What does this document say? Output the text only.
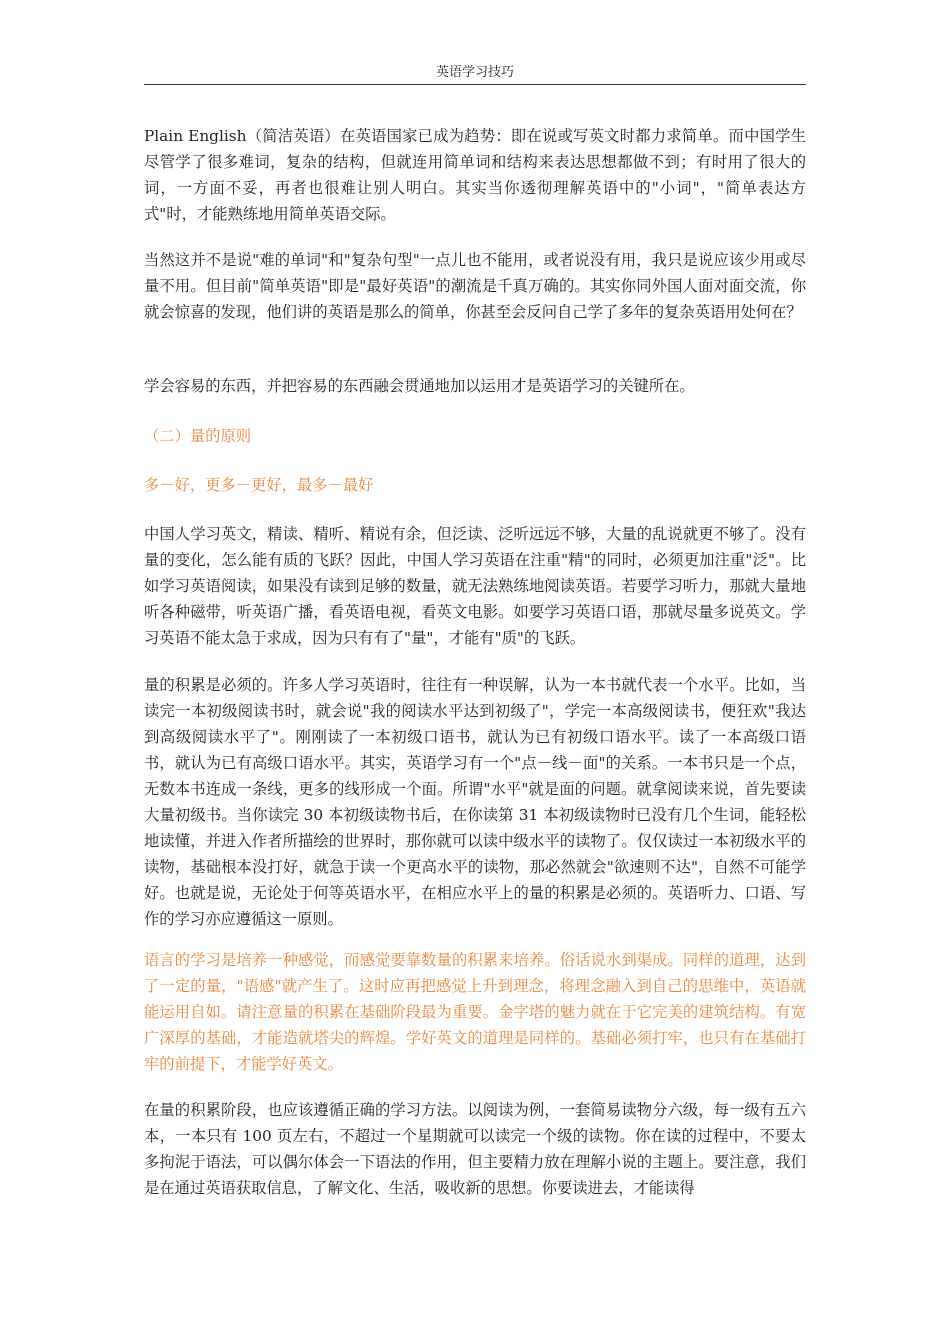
英语学习技巧

Plain English（简洁英语）在英语国家已成为趋势：即在说或写英文时都力求简单。而中国学生尽管学了很多难词，复杂的结构，但就连用简单词和结构来表达思想都做不到；有时用了很大的词，一方面不妥，再者也很难让别人明白。其实当你透彻理解英语中的"小词"，"简单表达方式"时，才能熟练地用简单英语交际。

当然这并不是说"难的单词"和"复杂句型"一点儿也不能用，或者说没有用，我只是说应该少用或尽量不用。但目前"简单英语"即是"最好英语"的潮流是千真万确的。其实你同外国人面对面交流，你就会惊喜的发现，他们讲的英语是那么的简单，你甚至会反问自己学了多年的复杂英语用处何在？

学会容易的东西，并把容易的东西融会贯通地加以运用才是英语学习的关键所在。

（二）量的原则

多－好，更多－更好，最多－最好

中国人学习英文，精读、精听、精说有余，但泛读、泛听远远不够，大量的乱说就更不够了。没有量的变化，怎么能有质的飞跃？因此，中国人学习英语在注重"精"的同时，必须更加注重"泛"。比如学习英语阅读，如果没有读到足够的数量，就无法熟练地阅读英语。若要学习听力，那就大量地听各种磁带，听英语广播，看英语电视，看英文电影。如要学习英语口语，那就尽量多说英文。学习英语不能太急于求成，因为只有有了"量"，才能有"质"的飞跃。

量的积累是必须的。许多人学习英语时，往往有一种误解，认为一本书就代表一个水平。比如，当读完一本初级阅读书时，就会说"我的阅读水平达到初级了"，学完一本高级阅读书，便狂欢"我达到高级阅读水平了"。刚刚读了一本初级口语书，就认为已有初级口语水平。读了一本高级口语书，就认为已有高级口语水平。其实，英语学习有一个"点－线－面"的关系。一本书只是一个点，无数本书连成一条线，更多的线形成一个面。所谓"水平"就是面的问题。就拿阅读来说，首先要读大量初级书。当你读完 30 本初级读物书后，在你读第 31 本初级读物时已没有几个生词，能轻松地读懂，并进入作者所描绘的世界时，那你就可以读中级水平的读物了。仅仅读过一本初级水平的读物，基础根本没打好，就急于读一个更高水平的读物，那必然就会"欲速则不达"，自然不可能学好。也就是说，无论处于何等英语水平，在相应水平上的量的积累是必须的。英语听力、口语、写作的学习亦应遵循这一原则。

语言的学习是培养一种感觉，而感觉要靠数量的积累来培养。俗话说水到渠成。同样的道理，达到了一定的量，"语感"就产生了。这时应再把感觉上升到理念，将理念融入到自己的思维中，英语就能运用自如。请注意量的积累在基础阶段最为重要。金字塔的魅力就在于它完美的建筑结构。有宽广深厚的基础，才能造就塔尖的辉煌。学好英文的道理是同样的。基础必须打牢，也只有在基础打牢的前提下，才能学好英文。

在量的积累阶段，也应该遵循正确的学习方法。以阅读为例，一套简易读物分六级，每一级有五六本，一本只有 100 页左右，不超过一个星期就可以读完一个级的读物。你在读的过程中，不要太多拘泥于语法，可以偶尔体会一下语法的作用，但主要精力放在理解小说的主题上。要注意，我们是在通过英语获取信息，了解文化、生活，吸收新的思想。你要读进去，才能读得
